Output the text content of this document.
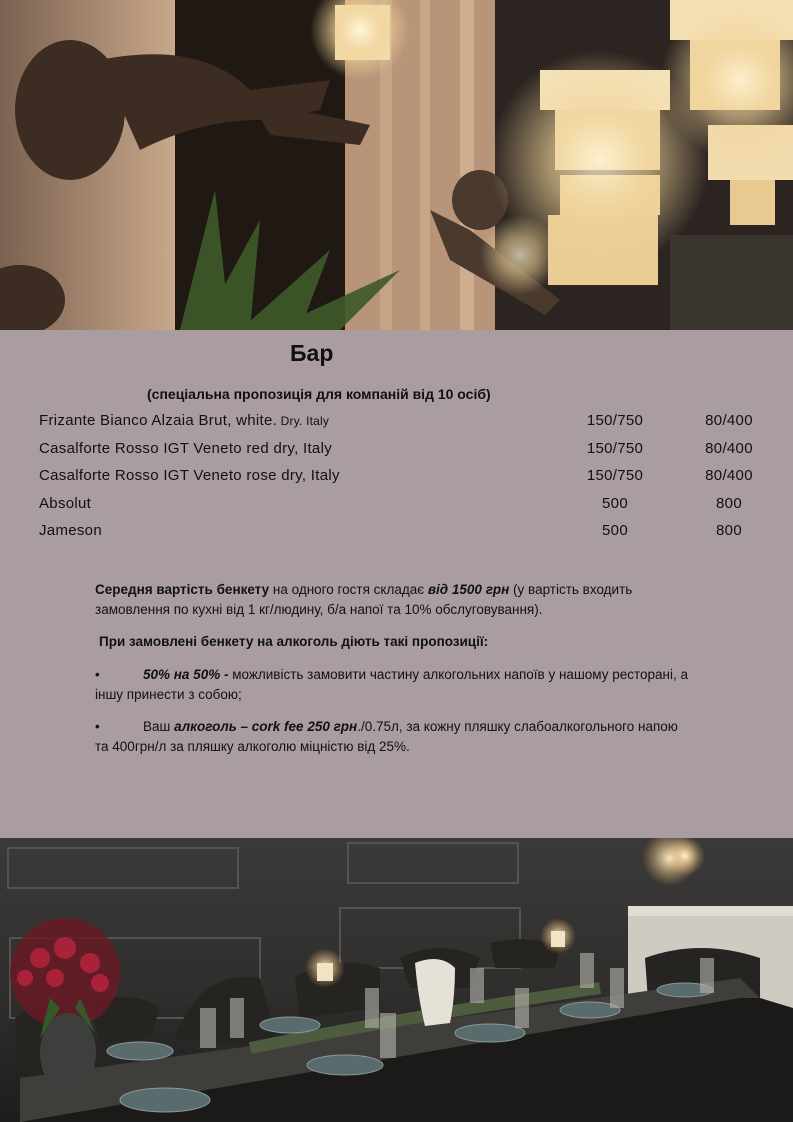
Бар
(спеціальна пропозиція для компаній від 10 осіб)
Frizante Bianco Alzaia Brut, white. Dry. Italy	150/750	80/400
Casalforte Rosso IGT Veneto red dry, Italy	150/750	80/400
Casalforte Rosso IGT Veneto rose dry, Italy	150/750	80/400
Absolut	500	800
Jameson	500	800

Середня вартість бенкету на одного гостя складає від 1500 грн (у вартість входить замовлення по кухні від 1 кг/людину, б/а напої та 10% обслуговування).

При замовлені бенкету на алкоголь діють такі пропозиції:

•	50% на 50% - можливість замовити частину алкогольних напоїв у нашому ресторані, а іншу принести з собою;

•	Ваш алкоголь – cork fee 250 грн./0.75л, за кожну пляшку слабоалкогольного напою та 400грн/л за пляшку алкоголю міцністю від 25%.
